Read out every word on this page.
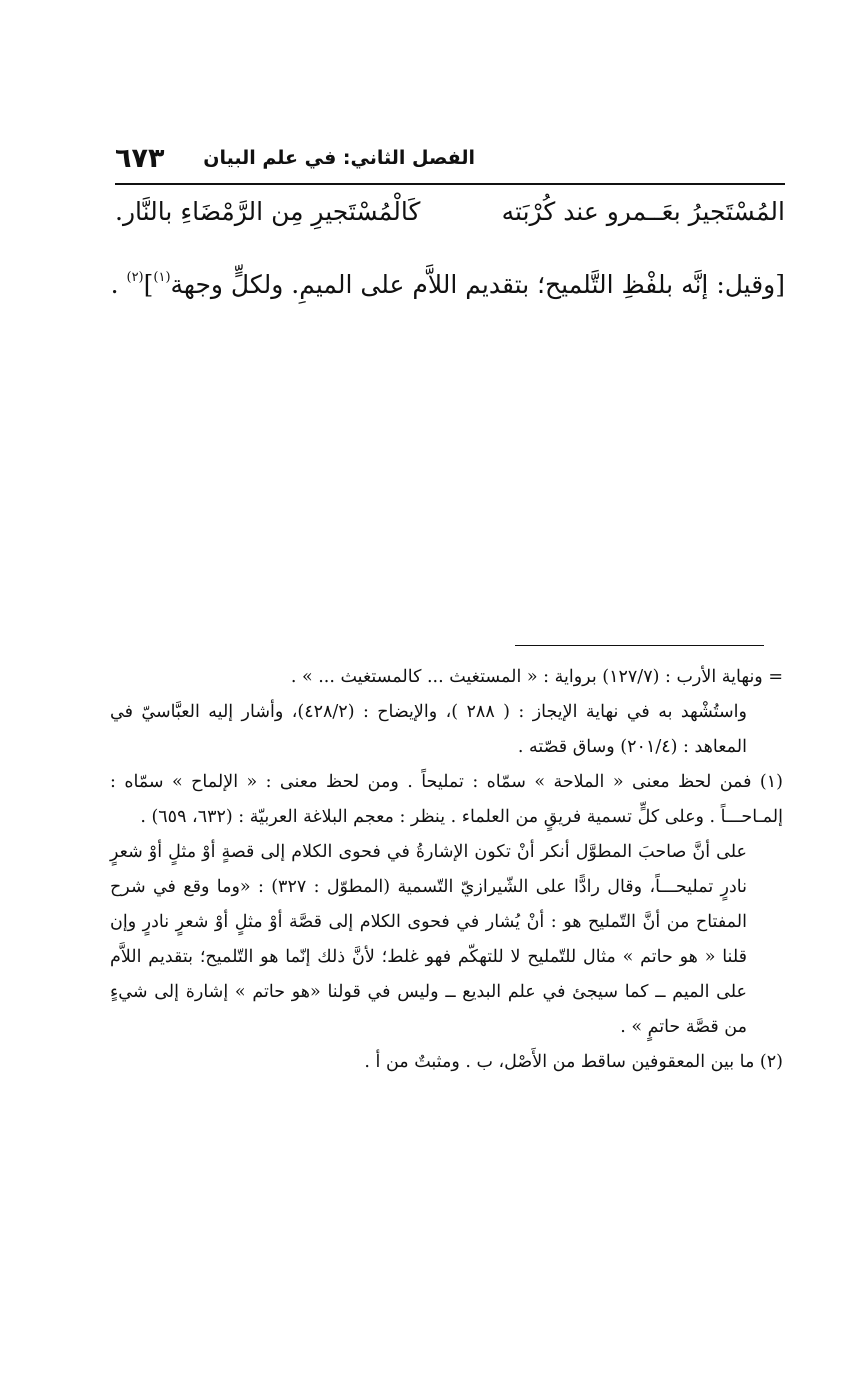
٦٧٣ الفصل الثاني: في علم البيان
المُسْتَجيرُ بعَــمرو عند كُرْبَته
كَالْمُسْتَجيرِ مِن الرَّمْضَاءِ بالنَّار.
[وقيل: إنَّه بلفْظِ التَّلميح؛ بتقديم اللاَّم على الميمِ. ولكلٍّ وجهة$^{(١)}$]$^{(٢)}$ .

= ونهاية الأرب : (١٢٧/٧) برواية : « المستغيث ... كالمستغيث ... » .

واستُشْهد به في نهاية الإيجاز : ( ٢٨٨ )، والإيضاح : (٤٢٨/٢)، وأشار إليه العبَّاسيّ في المعاهد : (٢٠١/٤) وساق قصّته .

(١) فمن لحظ معنى « الملاحة » سمّاه : تمليحاً . ومن لحظ معنى : « الإلماح » سمّاه : إلمـاحـــاً . وعلى كلٍّ تسمية فريقٍ من العلماء . ينظر : معجم البلاغة العربيّة : (٦٣٢، ٦٥٩) .

على أنَّ صاحبَ المطوَّل أنكر أنْ تكون الإشارةُ في فحوى الكلام إلى قصةٍ أوْ مثلٍ أوْ شعرٍ نادرٍ تمليحـــاً، وقال رادًّا على الشّيرازيّ التّسمية (المطوّل : ٣٢٧) : «وما وقع في شرح المفتاح من أنَّ التّمليح هو : أنْ يُشار في فحوى الكلام إلى قصَّة أوْ مثلٍ أوْ شعرٍ نادرٍ وإن قلنا « هو حاتم » مثال للتّمليح لا للتهكّم فهو غلط؛ لأنَّ ذلك إنّما هو التّلميح؛ بتقديم اللاَّم على الميم ــ كما سيجئ في علم البديع ــ وليس في قولنا «هو حاتم » إشارة إلى شيءٍ من قصَّة حاتمٍ » .

(٢) ما بين المعقوفين ساقط من الأَصْل، ب . ومثبتٌ من أ .
